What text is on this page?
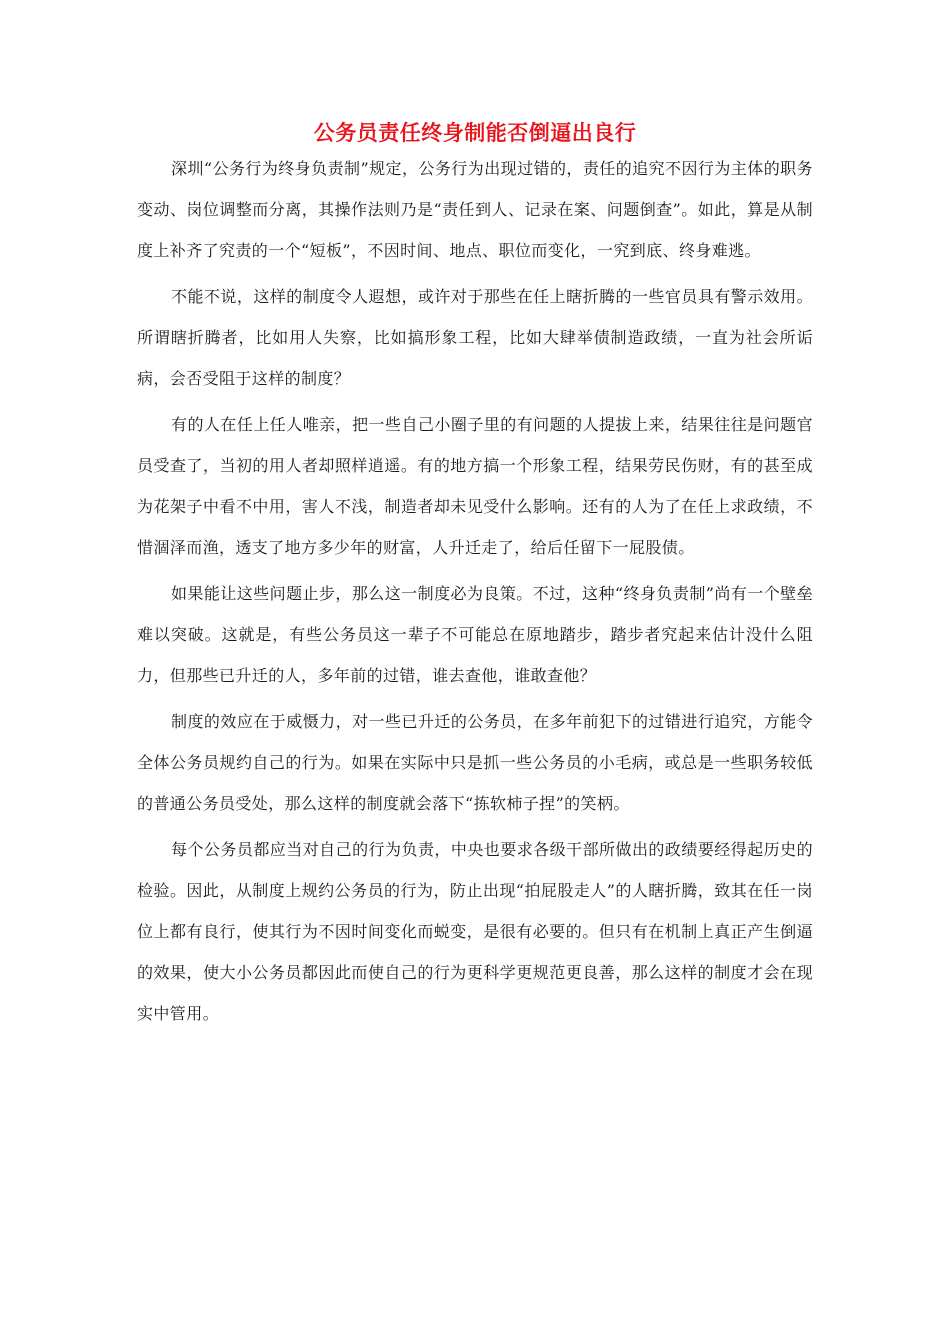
公务员责任终身制能否倒逼出良行

深圳“公务行为终身负责制”规定，公务行为出现过错的，责任的追究不因行为主体的职务变动、岗位调整而分离，其操作法则乃是“责任到人、记录在案、问题倒查”。如此，算是从制度上补齐了究责的一个“短板”，不因时间、地点、职位而变化，一究到底、终身难逃。

不能不说，这样的制度令人遐想，或许对于那些在任上瞎折腾的一些官员具有警示效用。所谓瞎折腾者，比如用人失察，比如搞形象工程，比如大肆举债制造政绩，一直为社会所诟病，会否受阻于这样的制度？

有的人在任上任人唯亲，把一些自己小圈子里的有问题的人提拔上来，结果往往是问题官员受查了，当初的用人者却照样逍遥。有的地方搞一个形象工程，结果劳民伤财，有的甚至成为花架子中看不中用，害人不浅，制造者却未见受什么影响。还有的人为了在任上求政绩，不惜涸泽而渔，透支了地方多少年的财富，人升迁走了，给后任留下一屁股债。

如果能让这些问题止步，那么这一制度必为良策。不过，这种“终身负责制”尚有一个壁垒难以突破。这就是，有些公务员这一辈子不可能总在原地踏步，踏步者究起来估计没什么阻力，但那些已升迁的人，多年前的过错，谁去查他，谁敢查他？

制度的效应在于威慑力，对一些已升迁的公务员，在多年前犯下的过错进行追究，方能令全体公务员规约自己的行为。如果在实际中只是抓一些公务员的小毛病，或总是一些职务较低的普通公务员受处，那么这样的制度就会落下“拣软柿子捏”的笑柄。

每个公务员都应当对自己的行为负责，中央也要求各级干部所做出的政绩要经得起历史的检验。因此，从制度上规约公务员的行为，防止出现“拍屁股走人”的人瞎折腾，致其在任一岗位上都有良行，使其行为不因时间变化而蜕变，是很有必要的。但只有在机制上真正产生倒逼的效果，使大小公务员都因此而使自己的行为更科学更规范更良善，那么这样的制度才会在现实中管用。
